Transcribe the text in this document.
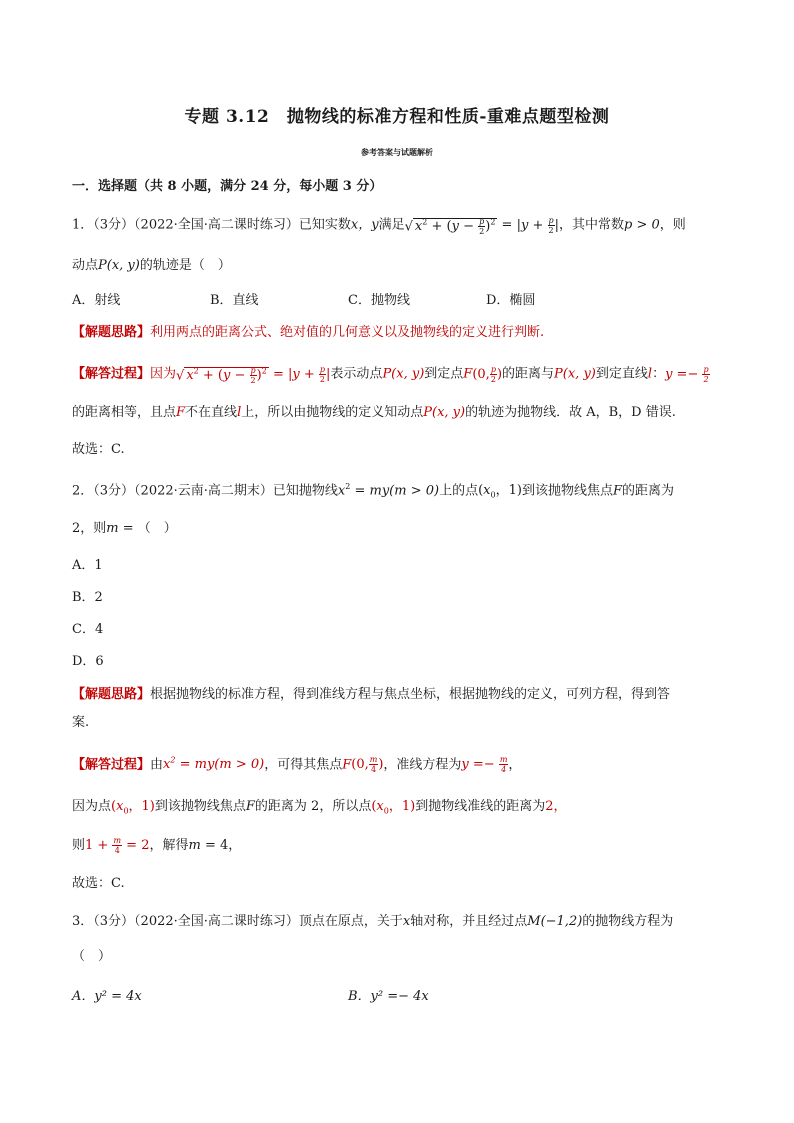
专题 3.12　抛物线的标准方程和性质-重难点题型检测
参考答案与试题解析
一．选择题（共 8 小题，满分 24 分，每小题 3 分）
1．（3分）（2022·全国·高二课时练习）已知实数x，y满足√ $x^2 + (y - \frac{p}{2} )^2 = |y + \frac{p}{2}$ |，其中常数p > 0，则
动点P(x, y)的轨迹是（　）
A．射线	B．直线	C．抛物线	D．椭圆
【解题思路】利用两点的距离公式、绝对值的几何意义以及抛物线的定义进行判断.
【解答过程】因为√ $x^2 + (y - \frac{p}{2} )^2 = |y + \frac{p}{2}$ |表示动点P(x, y)到定点F(0, $\frac{p}{2}$ )的距离与P(x, y)到定直线l：$y =- \frac{p}{2}$
的距离相等，且点F不在直线l上，所以由抛物线的定义知动点P(x, y)的轨迹为抛物线．故 A，B，D 错误.
故选：C.
2．（3分）（2022·云南·高二期末）已知抛物线$x^2 = my(m > 0)$上的点($x_0$，1)到该抛物线焦点F的距离为
2，则m = （　）
A．1
B．2
C．4
D．6
【解题思路】根据抛物线的标准方程，得到准线方程与焦点坐标，根据抛物线的定义，可列方程，得到答
案.
【解答过程】由$x^2 = my(m > 0)$，可得其焦点F(0, $\frac{m}{4}$ )，准线方程为$y =- \frac{m}{4}$ ，
因为点($x_0$，1)到该抛物线焦点F的距离为 2，所以点($x_0$，1)到抛物线准线的距离为2，
则$1 + \frac{m}{4} = 2$，解得m = 4，
故选：C.
3．（3分）（2022·全国·高二课时练习）顶点在原点，关于x轴对称，并且经过点M(−1,2)的抛物线方程为
（　）
A．y² = 4x	B．y² =− 4x
